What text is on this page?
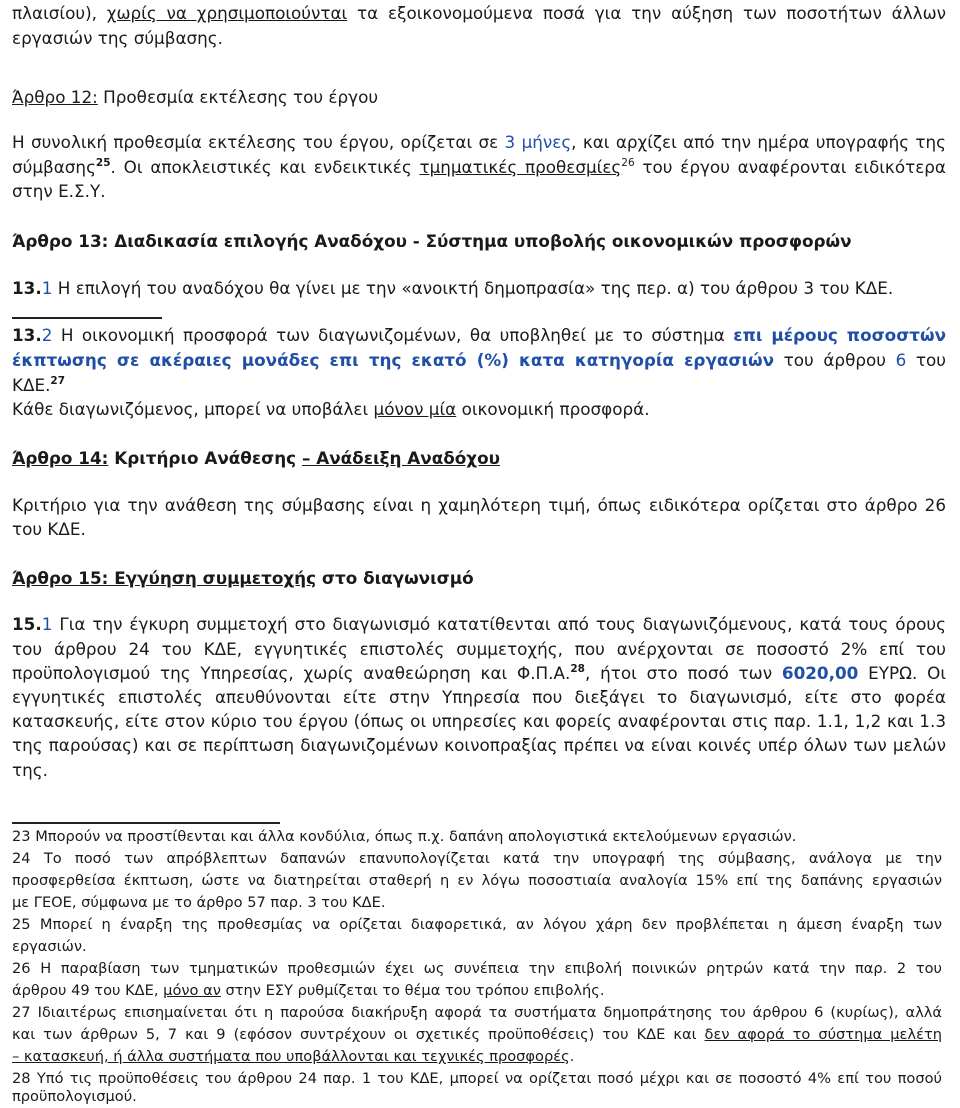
πλαισίου), χωρίς να χρησιμοποιούνται τα εξοικονομούμενα ποσά για την αύξηση των ποσοτήτων άλλων

εργασιών της σύμβασης.

Άρθρο 12: Προθεσμία εκτέλεσης του έργου

Η συνολική προθεσμία εκτέλεσης του έργου, ορίζεται σε 3 μήνες, και αρχίζει από την ημέρα υπογραφής της

σύμβασης$^{25}$. Οι αποκλειστικές και ενδεικτικές τμηματικές προθεσμίες$^{26}$ του έργου αναφέρονται ειδικότερα

στην Ε.Σ.Υ.

Άρθρο 13: Διαδικασία επιλογής Αναδόχου - Σύστημα υποβολής οικονομικών προσφορών

13.1 Η επιλογή του αναδόχου θα γίνει με την «ανοικτή δημοπρασία» της περ. α) του άρθρου 3 του ΚΔΕ.

13.2 Η οικονομική προσφορά των διαγωνιζομένων, θα υποβληθεί με το σύστημα επι μέρους ποσοστών

έκπτωσης σε ακέραιες μονάδες επι της εκατό (%) κατα κατηγορία εργασιών του άρθρου 6 του

ΚΔΕ.$^{27}$

Κάθε διαγωνιζόμενος, μπορεί να υποβάλει μόνον μία οικονομική προσφορά.

Άρθρο 14: Κριτήριο Ανάθεσης – Ανάδειξη Αναδόχου

Κριτήριο για την ανάθεση της σύμβασης είναι η χαμηλότερη τιμή, όπως ειδικότερα ορίζεται στο άρθρο 26

του ΚΔΕ.

Άρθρο 15: Εγγύηση συμμετοχής στο διαγωνισμό

15.1 Για την έγκυρη συμμετοχή στο διαγωνισμό κατατίθενται από τους διαγωνιζόμενους, κατά τους όρους

του άρθρου 24 του ΚΔΕ, εγγυητικές επιστολές συμμετοχής, που ανέρχονται σε ποσοστό 2% επί του

προϋπολογισμού της Υπηρεσίας, χωρίς αναθεώρηση και Φ.Π.Α.$^{28}$, ήτοι στο ποσό των 6020,00 ΕΥΡΩ. Οι

εγγυητικές επιστολές απευθύνονται είτε στην Υπηρεσία που διεξάγει το διαγωνισμό, είτε στο φορέα

κατασκευής, είτε στον κύριο του έργου (όπως οι υπηρεσίες και φορείς αναφέρονται στις παρ. 1.1, 1,2 και 1.3

της παρούσας) και σε περίπτωση διαγωνιζομένων κοινοπραξίας πρέπει να είναι κοινές υπέρ όλων των μελών

της.

23 Μπορούν να προστίθενται και άλλα κονδύλια, όπως π.χ. δαπάνη απολογιστικά εκτελούμενων εργασιών.

24 Το ποσό των απρόβλεπτων δαπανών επανυπολογίζεται κατά την υπογραφή της σύμβασης, ανάλογα με την

προσφερθείσα έκπτωση, ώστε να διατηρείται σταθερή η εν λόγω ποσοστιαία αναλογία 15% επί της δαπάνης εργασιών

με ΓΕΟΕ, σύμφωνα με το άρθρο 57 παρ. 3 του ΚΔΕ.

25 Μπορεί η έναρξη της προθεσμίας να ορίζεται διαφορετικά, αν λόγου χάρη δεν προβλέπεται η άμεση έναρξη των

εργασιών.

26 Η παραβίαση των τμηματικών προθεσμιών έχει ως συνέπεια την επιβολή ποινικών ρητρών κατά την παρ. 2 του

άρθρου 49 του ΚΔΕ, μόνο αν στην ΕΣΥ ρυθμίζεται το θέμα του τρόπου επιβολής.

27 Ιδιαιτέρως επισημαίνεται ότι η παρούσα διακήρυξη αφορά τα συστήματα δημοπράτησης του άρθρου 6 (κυρίως), αλλά

και των άρθρων 5, 7 και 9 (εφόσον συντρέχουν οι σχετικές προϋποθέσεις) του ΚΔΕ και δεν αφορά το σύστημα μελέτη

– κατασκευή, ή άλλα συστήματα που υποβάλλονται και τεχνικές προσφορές.

28 Υπό τις προϋποθέσεις του άρθρου 24 παρ. 1 του ΚΔΕ, μπορεί να ορίζεται ποσό μέχρι και σε ποσοστό 4% επί του ποσού

προϋπολογισμού.
